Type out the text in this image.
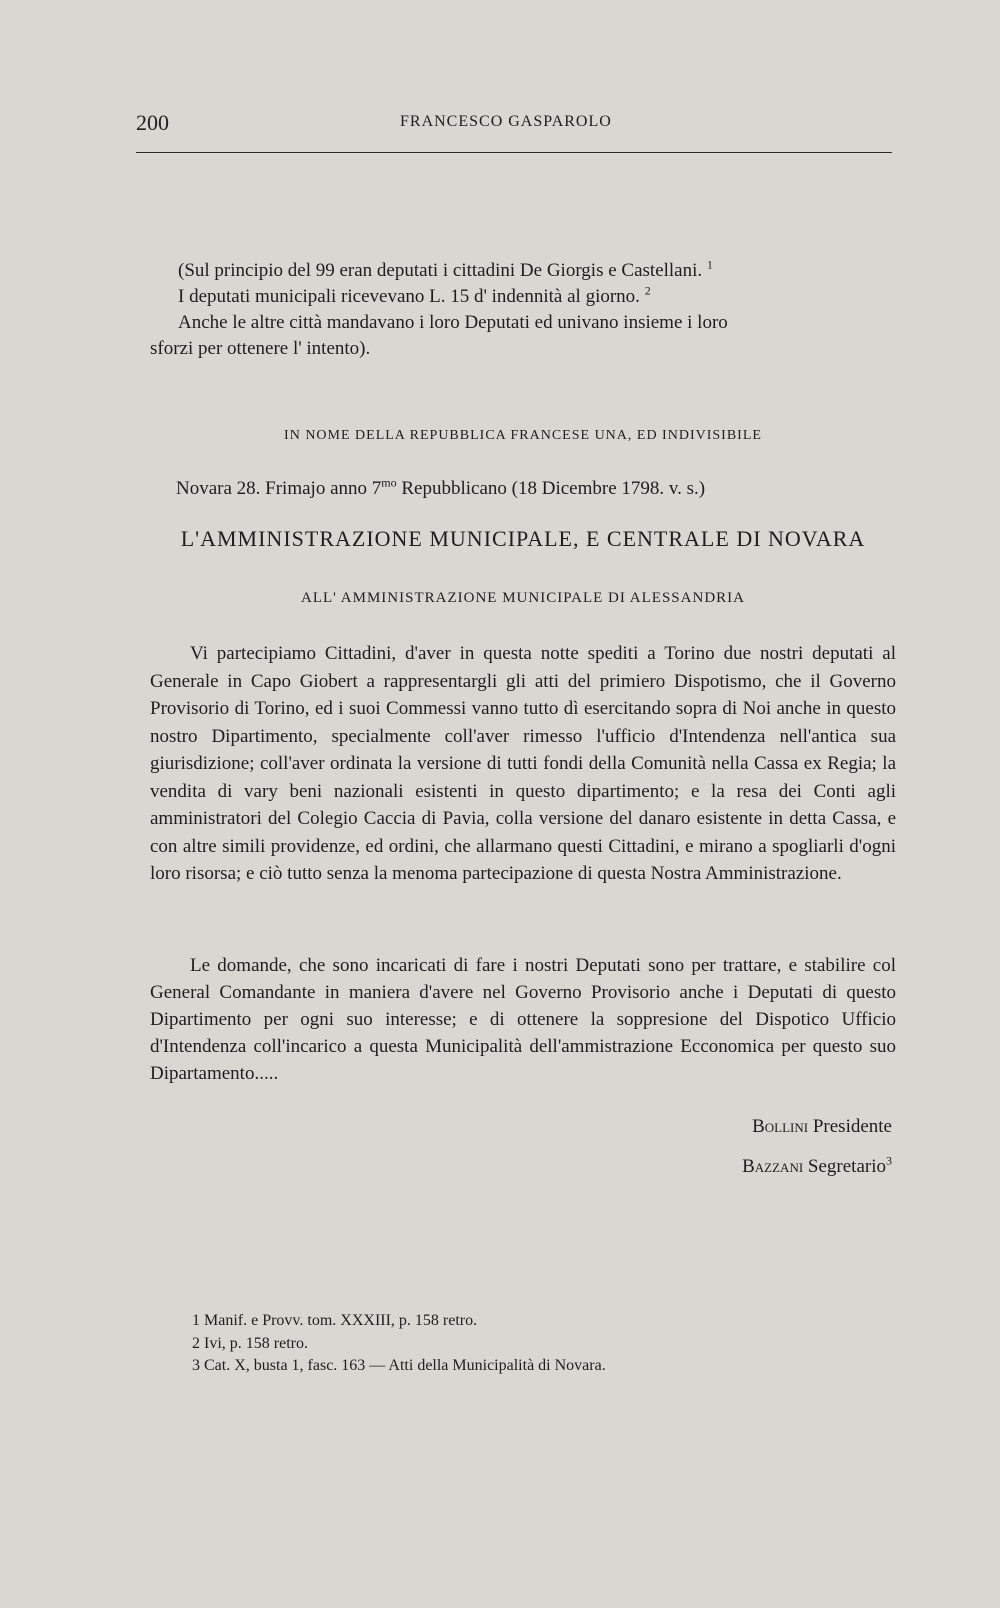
200	FRANCESCO GASPAROLO
(Sul principio del 99 eran deputati i cittadini De Giorgis e Castellani. $^1$
I deputati municipali ricevevano L. 15 d' indennità al giorno. $^2$
Anche le altre città mandavano i loro Deputati ed univano insieme i loro
sforzi per ottenere l' intento).
IN NOME DELLA REPUBBLICA FRANCESE UNA, ED INDIVISIBILE
Novara 28. Frimajo anno $7^{mo}$ Repubblicano (18 Dicembre 1798. v. s.)
L'AMMINISTRAZIONE MUNICIPALE, E CENTRALE DI NOVARA
ALL' AMMINISTRAZIONE MUNICIPALE DI ALESSANDRIA

Vi partecipiamo Cittadini, d'aver in questa notte spediti a Torino due nostri deputati al Generale in Capo Giobert a rappresentargli gli atti del primiero Dispotismo, che il Governo Provisorio di Torino, ed i suoi Commessi vanno tutto dì esercitando sopra di Noi anche in questo nostro Dipartimento, specialmente coll'aver rimesso l'ufficio d'Intendenza nell'antica sua giurisdizione; coll'aver ordinata la versione di tutti fondi della Comunità nella Cassa ex Regia; la vendita di vary beni nazionali esistenti in questo dipartimento; e la resa dei Conti agli amministratori del Colegio Caccia di Pavia, colla versione del danaro esistente in detta Cassa, e con altre simili providenze, ed ordini, che allarmano questi Cittadini, e mirano a spogliarli d'ogni loro risorsa; e ciò tutto senza la menoma partecipazione di questa Nostra Amministrazione.

Le domande, che sono incaricati di fare i nostri Deputati sono per trattare, e stabilire col General Comandante in maniera d'avere nel Governo Provisorio anche i Deputati di questo Dipartimento per ogni suo interesse; e di ottenere la soppresione del Dispotico Ufficio d'Intendenza coll'incarico a questa Municipalità dell'ammistrazione Ecconomica per questo suo Dipartamento.....

Bollini Presidente
Bazzani Segretario$^3$
1 Manif. e Provv. tom. XXXIII, p. 158 retro.
2 Ivi, p. 158 retro.
3 Cat. X, busta 1, fasc. 163 — Atti della Municipalità di Novara.
